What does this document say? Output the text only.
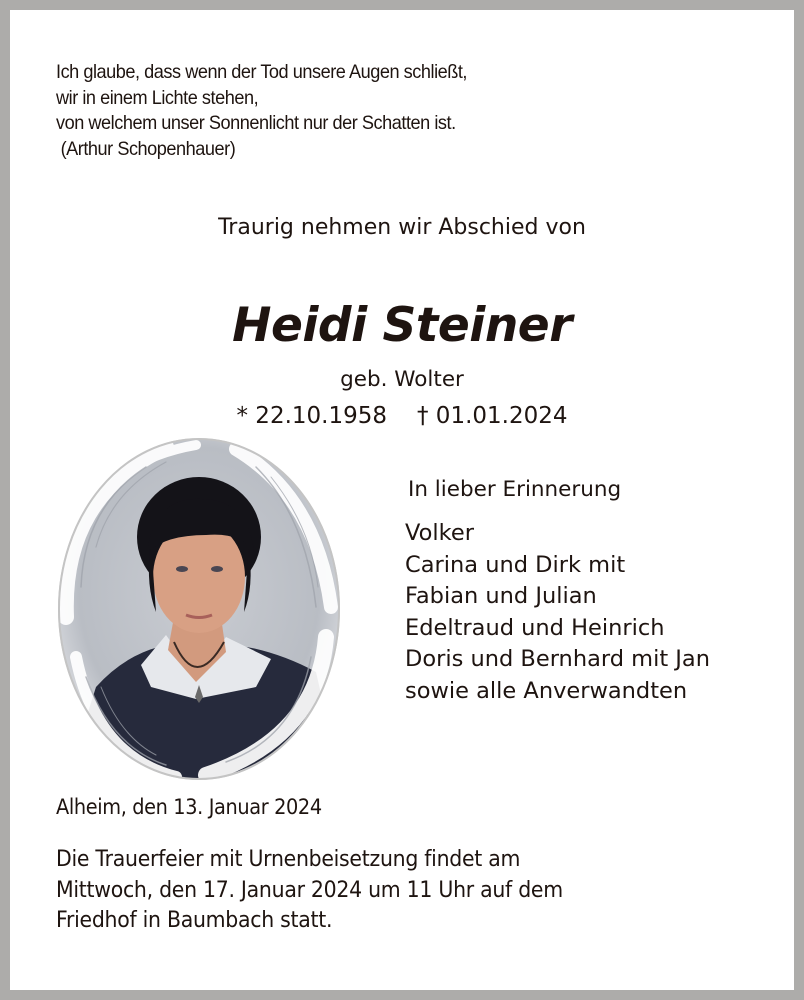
Ich glaube, dass wenn der Tod unsere Augen schließt,
wir in einem Lichte stehen,
von welchem unser Sonnenlicht nur der Schatten ist.
(Arthur Schopenhauer)
Traurig nehmen wir Abschied von
Heidi Steiner
geb. Wolter
* 22.10.1958 † 01.01.2024
In lieber Erinnerung
Volker
Carina und Dirk mit
Fabian und Julian
Edeltraud und Heinrich
Doris und Bernhard mit Jan
sowie alle Anverwandten
Alheim, den 13. Januar 2024
Die Trauerfeier mit Urnenbeisetzung findet am
Mittwoch, den 17. Januar 2024 um 11 Uhr auf dem
Friedhof in Baumbach statt.
